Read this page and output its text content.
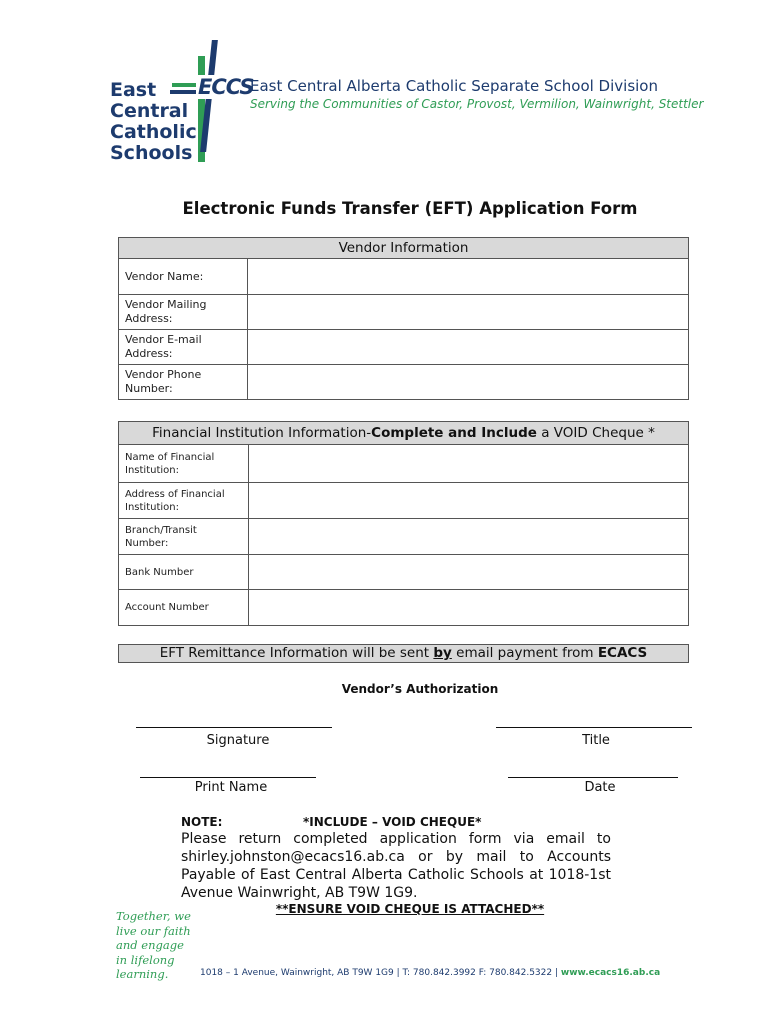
East
Central
Catholic
Schools
ECCS
East Central Alberta Catholic Separate School Division
Serving the Communities of Castor, Provost, Vermilion, Wainwright, Stettler
Electronic Funds Transfer (EFT) Application Form
Vendor Information	
Vendor Name:	
Vendor Mailing Address:	
Vendor E-mail Address:	
Vendor Phone Number:	
Financial Institution Information-Complete and Include a VOID Cheque *	
Name of Financial Institution:	
Address of Financial Institution:	
Branch/Transit Number:	
Bank Number	
Account Number	
EFT Remittance Information will be sent by email payment from ECACS
Vendor’s Authorization
Signature	Title
Print Name	Date
NOTE:	*INCLUDE – VOID CHEQUE*
Please return completed application form via email to shirley.johnston@ecacs16.ab.ca or by mail to Accounts Payable of East Central Alberta Catholic Schools at 1018-1st Avenue Wainwright, AB T9W 1G9.
**ENSURE VOID CHEQUE IS ATTACHED**
Together, we
live our faith
and engage
in lifelong
learning.	1018 – 1 Avenue, Wainwright, AB T9W 1G9 | T: 780.842.3992 F: 780.842.5322 | www.ecacs16.ab.ca
